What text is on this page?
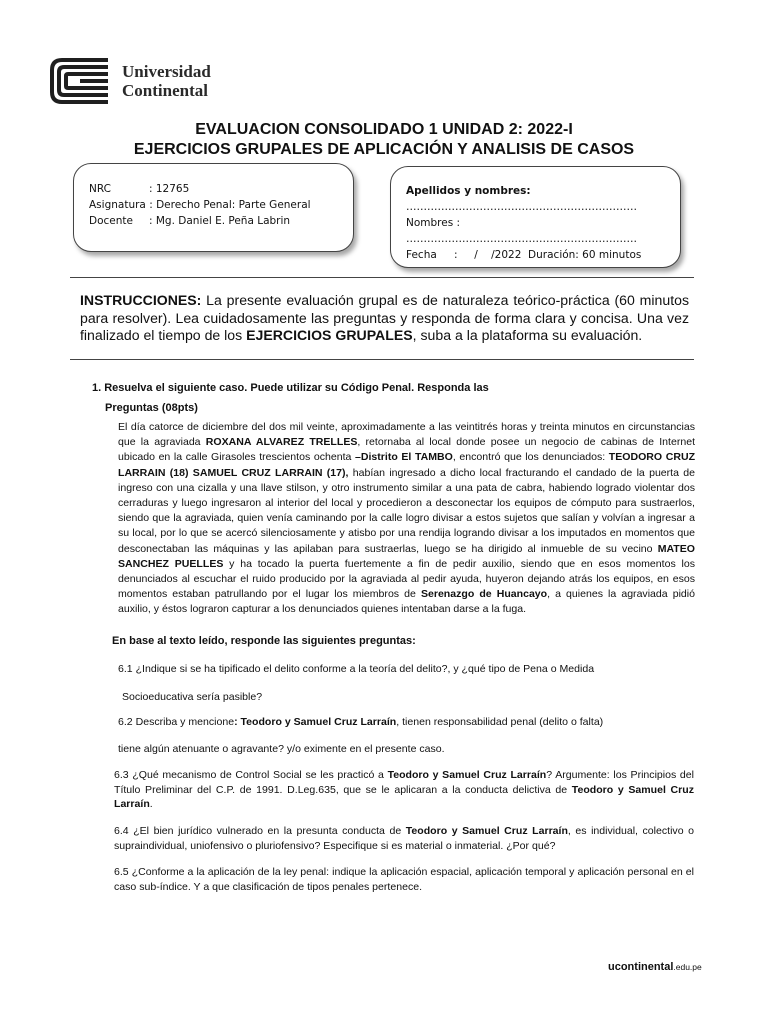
Universidad
Continental
EVALUACION CONSOLIDADO 1 UNIDAD 2: 2022-I
EJERCICIOS GRUPALES DE APLICACIÓN Y ANALISIS DE CASOS
NRC	: 12765
Asignatura : Derecho Penal: Parte General
Docente : Mg. Daniel E. Peña Labrin
Apellidos y nombres:
…………………………………………………………
Nombres : …………………………………………………………
Fecha :     /    /2022  Duración: 60 minutos
INSTRUCCIONES: La presente evaluación grupal es de naturaleza teórico-práctica (60 minutos para resolver). Lea cuidadosamente las preguntas y responda de forma clara y concisa. Una vez finalizado el tiempo de los EJERCICIOS GRUPALES, suba a la plataforma su evaluación.
1. Resuelva el siguiente caso. Puede utilizar su Código Penal. Responda las
Preguntas (08pts)
El día catorce de diciembre del dos mil veinte, aproximadamente a las veintitrés horas y treinta minutos en circunstancias que la agraviada ROXANA ALVAREZ TRELLES, retornaba al local donde posee un negocio de cabinas de Internet ubicado en la calle Girasoles trescientos ochenta –Distrito El TAMBO, encontró que los denunciados: TEODORO CRUZ LARRAIN (18) SAMUEL CRUZ LARRAIN (17), habían ingresado a dicho local fracturando el candado de la puerta de ingreso con una cizalla y una llave stilson, y otro instrumento similar a una pata de cabra, habiendo logrado violentar dos cerraduras y luego ingresaron al interior del local y procedieron a desconectar los equipos de cómputo para sustraerlos, siendo que la agraviada, quien venía caminando por la calle logro divisar a estos sujetos que salían y volvían a ingresar a su local, por lo que se acercó silenciosamente y atisbo por una rendija logrando divisar a los imputados en momentos que desconectaban las máquinas y las apilaban para sustraerlas, luego se ha dirigido al inmueble de su vecino MATEO SANCHEZ PUELLES y ha tocado la puerta fuertemente a fin de pedir auxilio, siendo que en esos momentos los denunciados al escuchar el ruido producido por la agraviada al pedir ayuda, huyeron dejando atrás los equipos, en esos momentos estaban patrullando por el lugar los miembros de Serenazgo de Huancayo, a quienes la agraviada pidió auxilio, y éstos lograron capturar a los denunciados quienes intentaban darse a la fuga.
En base al texto leído, responde las siguientes preguntas:
6.1 ¿Indique si se ha tipificado el delito conforme a la teoría del delito?, y ¿qué tipo de Pena o Medida
Socioeducativa sería pasible?
6.2 Describa y mencione: Teodoro y Samuel Cruz Larraín, tienen responsabilidad penal (delito o falta)
tiene algún atenuante o agravante? y/o eximente en el presente caso.
6.3 ¿Qué mecanismo de Control Social se les practicó a Teodoro y Samuel Cruz Larraín? Argumente: los Principios del Título Preliminar del C.P. de 1991. D.Leg.635, que se le aplicaran a la conducta delictiva de Teodoro y Samuel Cruz Larraín.
6.4 ¿El bien jurídico vulnerado en la presunta conducta de Teodoro y Samuel Cruz Larraín, es individual, colectivo o supraindividual, uniofensivo o pluriofensivo? Especifique si es material o inmaterial. ¿Por qué?
6.5 ¿Conforme a la aplicación de la ley penal: indique la aplicación espacial, aplicación temporal y aplicación personal en el caso sub-índice. Y a que clasificación de tipos penales pertenece.
ucontinental.edu.pe
